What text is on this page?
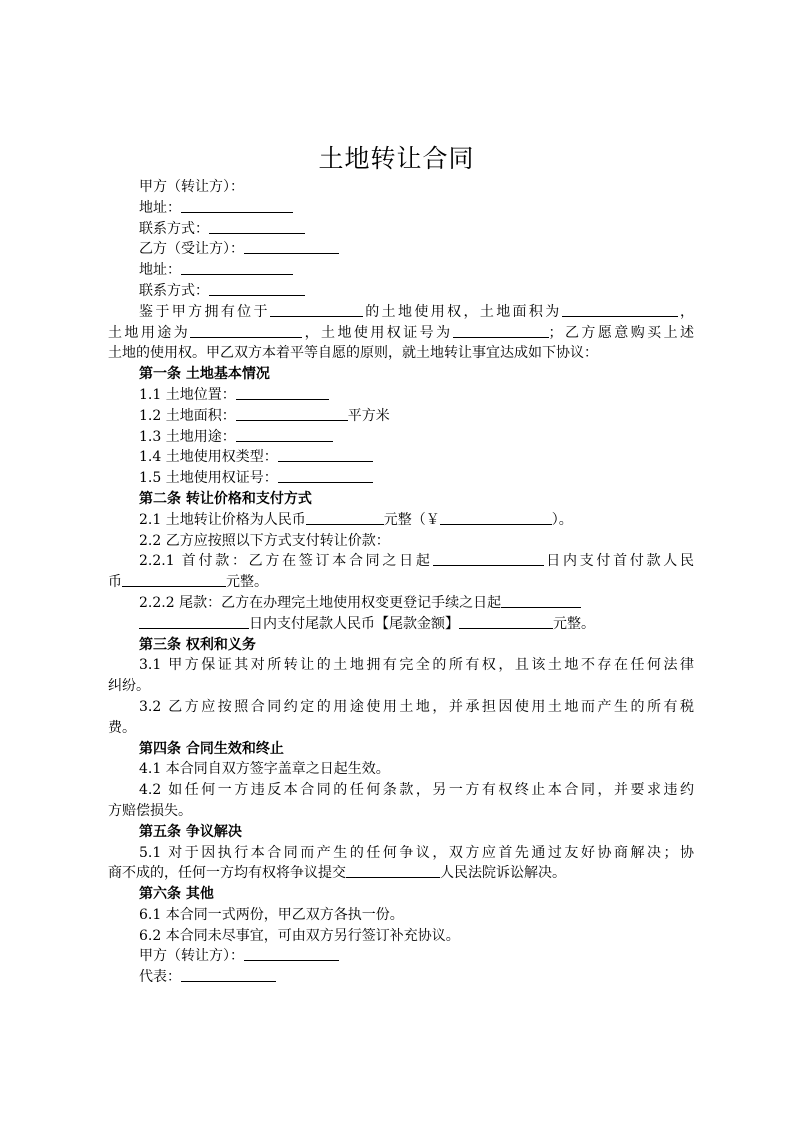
土地转让合同
甲方（转让方）：
地址：
联系方式：
乙方（受让方）：
地址：
联系方式：
鉴于甲方拥有位于	的土地使用权，土地面积为	，
土地用途为	，土地使用权证号为	；乙方愿意购买上述
土地的使用权。甲乙双方本着平等自愿的原则，就土地转让事宜达成如下协议：
第一条 土地基本情况
1.1 土地位置：
1.2 土地面积：	平方米
1.3 土地用途：
1.4 土地使用权类型：
1.5 土地使用权证号：
第二条 转让价格和支付方式
2.1 土地转让价格为人民币	元整（￥	）。
2.2 乙方应按照以下方式支付转让价款：
2.2.1 首付款：乙方在签订本合同之日起	日内支付首付款人民
币	元整。
2.2.2 尾款：乙方在办理完土地使用权变更登记手续之日起
日内支付尾款人民币【尾款金额】	元整。
第三条 权利和义务
3.1 甲方保证其对所转让的土地拥有完全的所有权，且该土地不存在任何法律
纠纷。
3.2 乙方应按照合同约定的用途使用土地，并承担因使用土地而产生的所有税
费。
第四条 合同生效和终止
4.1 本合同自双方签字盖章之日起生效。
4.2 如任何一方违反本合同的任何条款，另一方有权终止本合同，并要求违约
方赔偿损失。
第五条 争议解决
5.1 对于因执行本合同而产生的任何争议，双方应首先通过友好协商解决；协
商不成的，任何一方均有权将争议提交	人民法院诉讼解决。
第六条 其他
6.1 本合同一式两份，甲乙双方各执一份。
6.2 本合同未尽事宜，可由双方另行签订补充协议。
甲方（转让方）：
代表：
